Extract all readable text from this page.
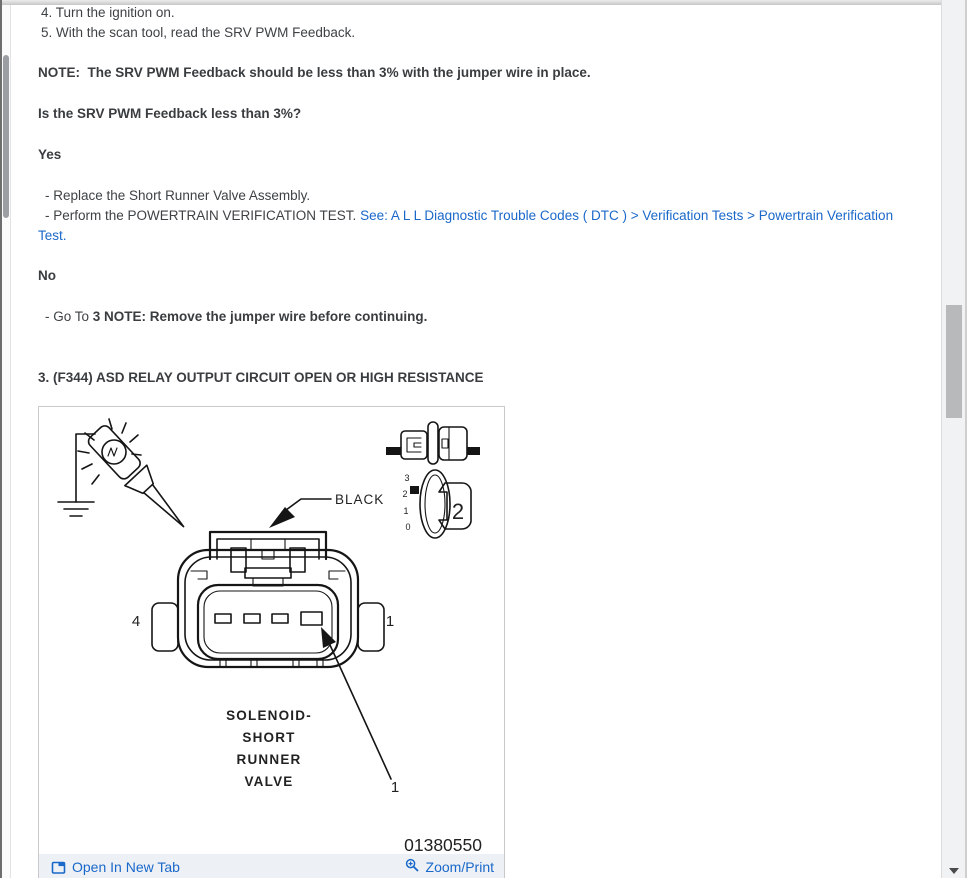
4. Turn the ignition on.

5. With the scan tool, read the SRV PWM Feedback.

NOTE:  The SRV PWM Feedback should be less than 3% with the jumper wire in place.

Is the SRV PWM Feedback less than 3%?

Yes

- Replace the Short Runner Valve Assembly.

- Perform the POWERTRAIN VERIFICATION TEST. See: A L L Diagnostic Trouble Codes ( DTC ) > Verification Tests > Powertrain Verification Test.

No

- Go To 3 NOTE: Remove the jumper wire before continuing.

3. (F344) ASD RELAY OUTPUT CIRCUIT OPEN OR HIGH RESISTANCE
3
2
1
0
2
BLACK
4	1
1
SOLENOID-
SHORT
RUNNER
VALVE
01380550
Open In New Tab	Zoom/Print
